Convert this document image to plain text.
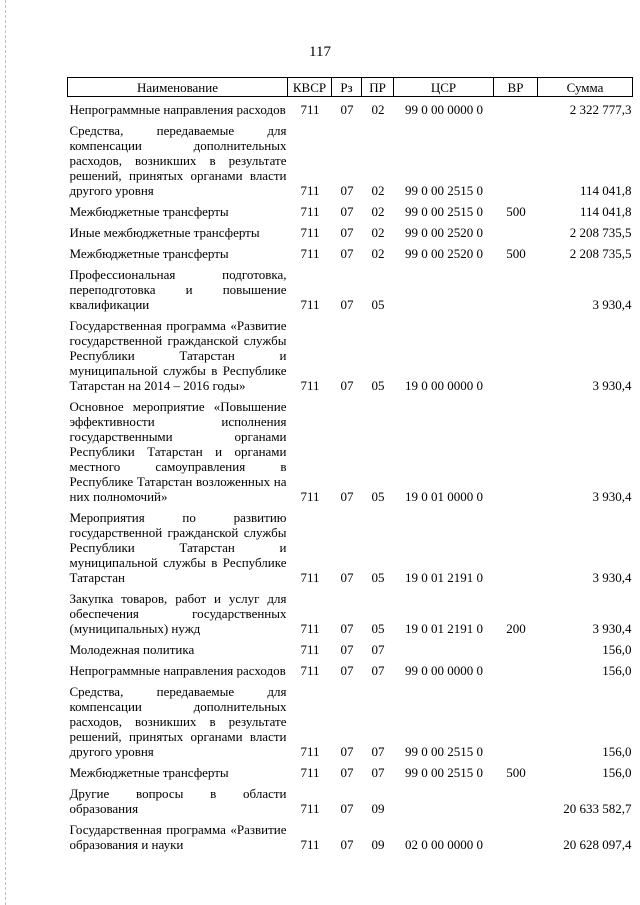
117
Наименование	КВСР	Рз	ПР	ЦСР	ВР	Сумма
Непрограммные направления расходов	711	07	02	99 0 00 0000 0		2 322 777,3
Средства, передаваемые для компенсации дополнительных расходов, возникших в результате решений, принятых органами власти другого уровня	711	07	02	99 0 00 2515 0		114 041,8
Межбюджетные трансферты	711	07	02	99 0 00 2515 0	500	114 041,8
Иные межбюджетные трансферты	711	07	02	99 0 00 2520 0		2 208 735,5
Межбюджетные трансферты	711	07	02	99 0 00 2520 0	500	2 208 735,5
Профессиональная подготовка, переподготовка и повышение квалификации	711	07	05			3 930,4
Государственная программа «Развитие государственной гражданской службы Республики Татарстан и муниципальной службы в Республике Татарстан на 2014 – 2016 годы»	711	07	05	19 0 00 0000 0		3 930,4
Основное мероприятие «Повышение эффективности исполнения государственными органами Республики Татарстан и органами местного самоуправления в Республике Татарстан возложенных на них полномочий»	711	07	05	19 0 01 0000 0		3 930,4
Мероприятия по развитию государственной гражданской службы Республики Татарстан и муниципальной службы в Республике Татарстан	711	07	05	19 0 01 2191 0		3 930,4
Закупка товаров, работ и услуг для обеспечения государственных (муниципальных) нужд	711	07	05	19 0 01 2191 0	200	3 930,4
Молодежная политика	711	07	07			156,0
Непрограммные направления расходов	711	07	07	99 0 00 0000 0		156,0
Средства, передаваемые для компенсации дополнительных расходов, возникших в результате решений, принятых органами власти другого уровня	711	07	07	99 0 00 2515 0		156,0
Межбюджетные трансферты	711	07	07	99 0 00 2515 0	500	156,0
Другие вопросы в области образования	711	07	09			20 633 582,7
Государственная программа «Развитие образования и науки	711	07	09	02 0 00 0000 0		20 628 097,4
